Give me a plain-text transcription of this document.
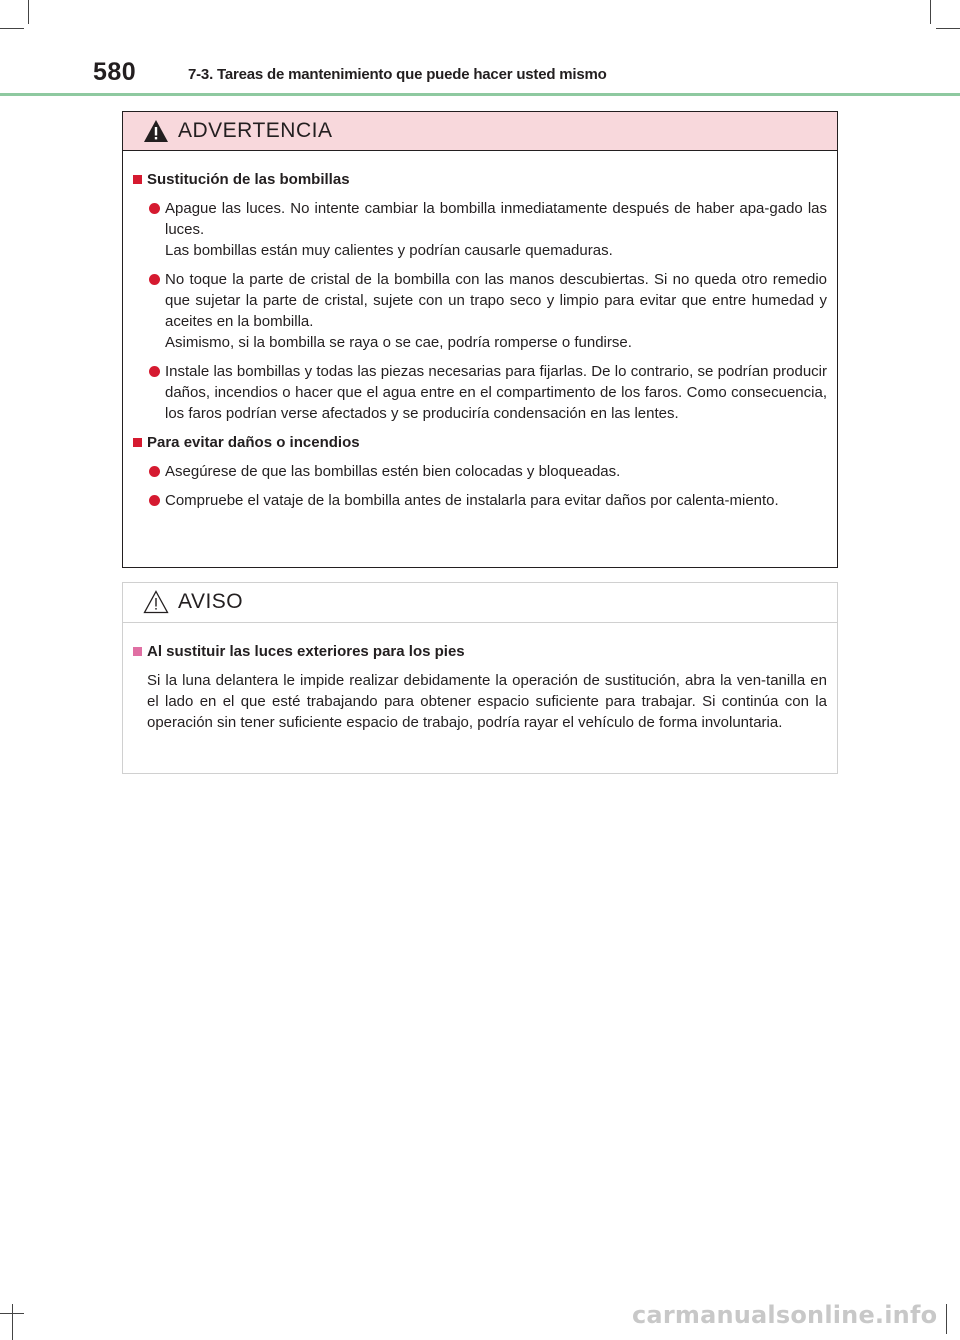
580	7-3. Tareas de mantenimiento que puede hacer usted mismo
ADVERTENCIA
Sustitución de las bombillas
Apague las luces. No intente cambiar la bombilla inmediatamente después de haber apa-gado las luces.
Las bombillas están muy calientes y podrían causarle quemaduras.
No toque la parte de cristal de la bombilla con las manos descubiertas. Si no queda otro remedio que sujetar la parte de cristal, sujete con un trapo seco y limpio para evitar que entre humedad y aceites en la bombilla.
Asimismo, si la bombilla se raya o se cae, podría romperse o fundirse.
Instale las bombillas y todas las piezas necesarias para fijarlas. De lo contrario, se podrían producir daños, incendios o hacer que el agua entre en el compartimento de los faros. Como consecuencia, los faros podrían verse afectados y se produciría condensación en las lentes.
Para evitar daños o incendios
Asegúrese de que las bombillas estén bien colocadas y bloqueadas.
Compruebe el vataje de la bombilla antes de instalarla para evitar daños por calenta-miento.
AVISO
Al sustituir las luces exteriores para los pies
Si la luna delantera le impide realizar debidamente la operación de sustitución, abra la ven-tanilla en el lado en el que esté trabajando para obtener espacio suficiente para trabajar. Si continúa con la operación sin tener suficiente espacio de trabajo, podría rayar el vehículo de forma involuntaria.
carmanualsonline.info
